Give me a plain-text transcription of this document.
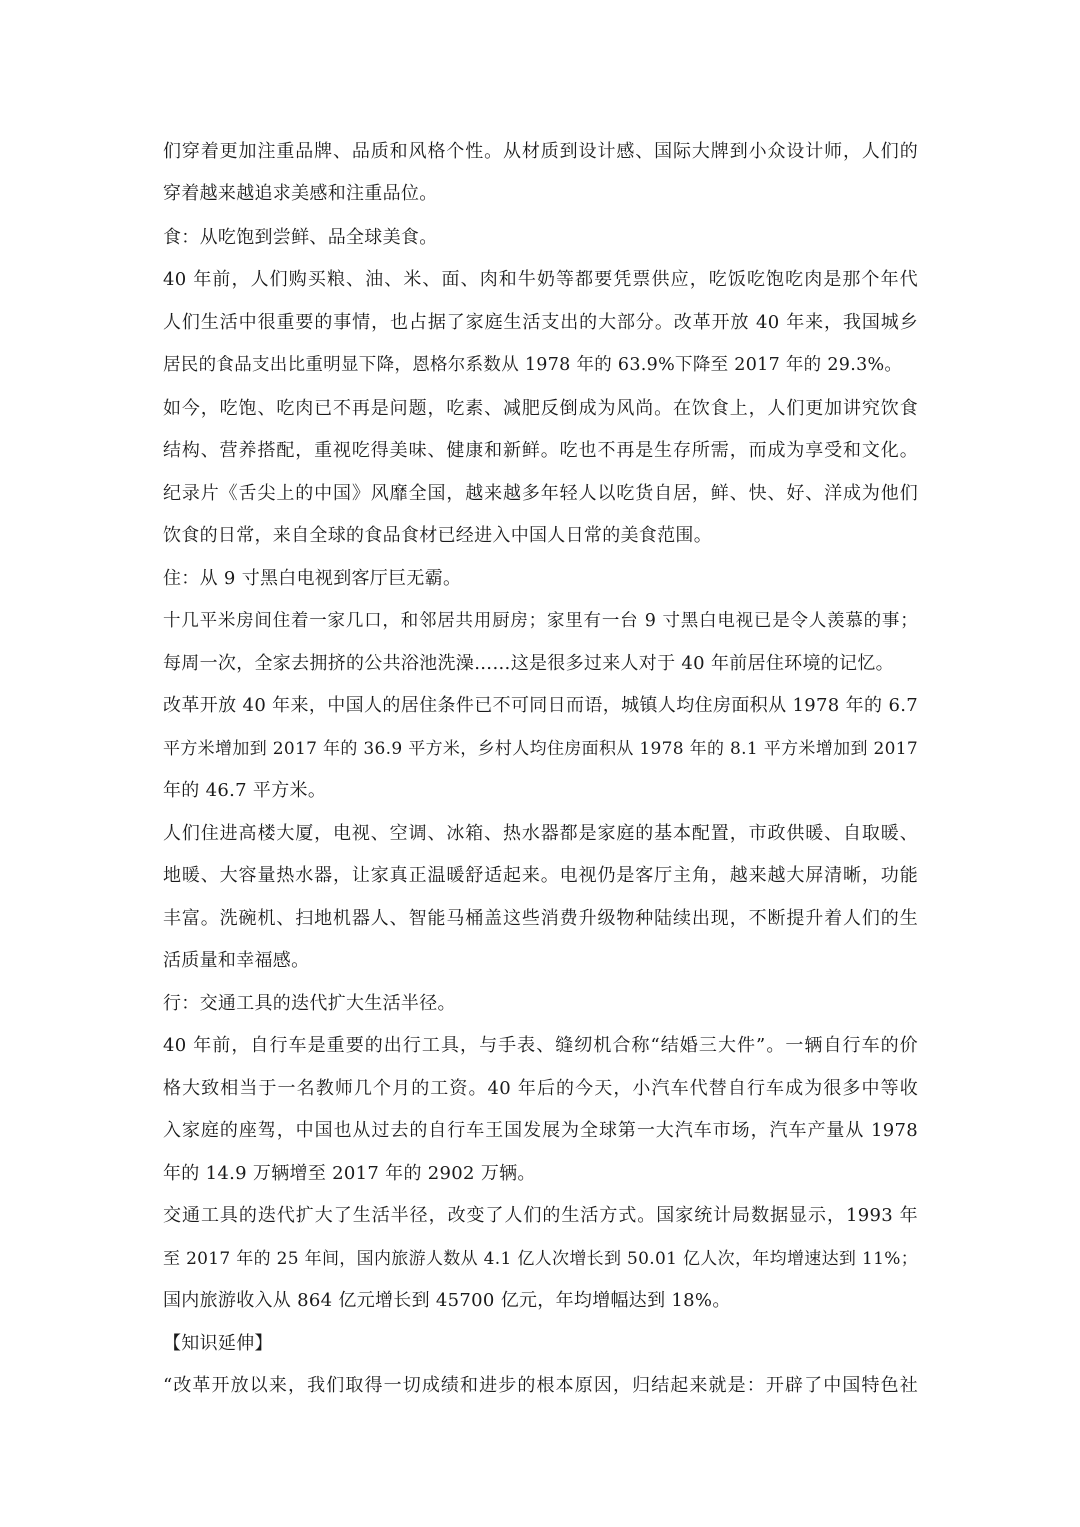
们穿着更加注重品牌、品质和风格个性。从材质到设计感、国际大牌到小众设计师，人们的

穿着越来越追求美感和注重品位。

食：从吃饱到尝鲜、品全球美食。

40 年前，人们购买粮、油、米、面、肉和牛奶等都要凭票供应，吃饭吃饱吃肉是那个年代

人们生活中很重要的事情，也占据了家庭生活支出的大部分。改革开放 40 年来，我国城乡

居民的食品支出比重明显下降，恩格尔系数从 1978 年的 63.9%下降至 2017 年的 29.3%。

如今，吃饱、吃肉已不再是问题，吃素、减肥反倒成为风尚。在饮食上，人们更加讲究饮食

结构、营养搭配，重视吃得美味、健康和新鲜。吃也不再是生存所需，而成为享受和文化。

纪录片《舌尖上的中国》风靡全国，越来越多年轻人以吃货自居，鲜、快、好、洋成为他们

饮食的日常，来自全球的食品食材已经进入中国人日常的美食范围。

住：从 9 寸黑白电视到客厅巨无霸。

十几平米房间住着一家几口，和邻居共用厨房；家里有一台 9 寸黑白电视已是令人羡慕的事；

每周一次，全家去拥挤的公共浴池洗澡……这是很多过来人对于 40 年前居住环境的记忆。

改革开放 40 年来，中国人的居住条件已不可同日而语，城镇人均住房面积从 1978 年的 6.7

平方米增加到 2017 年的 36.9 平方米，乡村人均住房面积从 1978 年的 8.1 平方米增加到 2017

年的 46.7 平方米。

人们住进高楼大厦，电视、空调、冰箱、热水器都是家庭的基本配置，市政供暖、自取暖、

地暖、大容量热水器，让家真正温暖舒适起来。电视仍是客厅主角，越来越大屏清晰，功能

丰富。洗碗机、扫地机器人、智能马桶盖这些消费升级物种陆续出现，不断提升着人们的生

活质量和幸福感。

行：交通工具的迭代扩大生活半径。

40 年前，自行车是重要的出行工具，与手表、缝纫机合称“结婚三大件”。一辆自行车的价

格大致相当于一名教师几个月的工资。40 年后的今天，小汽车代替自行车成为很多中等收

入家庭的座驾，中国也从过去的自行车王国发展为全球第一大汽车市场，汽车产量从 1978

年的 14.9 万辆增至 2017 年的 2902 万辆。

交通工具的迭代扩大了生活半径，改变了人们的生活方式。国家统计局数据显示，1993 年

至 2017 年的 25 年间，国内旅游人数从 4.1 亿人次增长到 50.01 亿人次，年均增速达到 11%；

国内旅游收入从 864 亿元增长到 45700 亿元，年均增幅达到 18%。

【知识延伸】

“改革开放以来，我们取得一切成绩和进步的根本原因，归结起来就是：开辟了中国特色社
